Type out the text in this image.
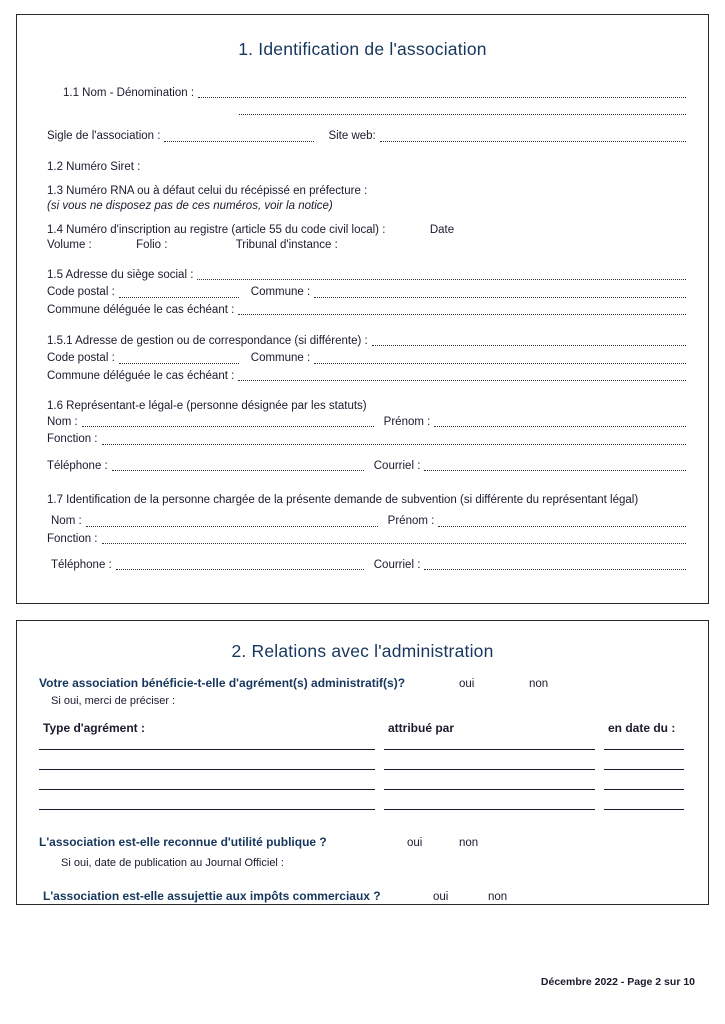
1. Identification de l'association
1.1 Nom - Dénomination :
Sigle de l'association :	Site web:
1.2 Numéro Siret :
1.3 Numéro RNA ou à défaut celui du récépissé en préfecture :
(si vous ne disposez pas de ces numéros, voir la notice)
1.4 Numéro d'inscription au registre (article 55 du code civil local) :	Date
Volume :	Folio :	Tribunal d'instance :
1.5 Adresse du siège social :
Code postal :	Commune :
Commune déléguée le cas échéant :
1.5.1 Adresse de gestion ou de correspondance (si différente) :
Code postal :	Commune :
Commune déléguée le cas échéant :
1.6 Représentant-e légal-e (personne désignée par les statuts)
Nom :	Prénom :
Fonction :
Téléphone :	Courriel :
1.7 Identification de la personne chargée de la présente demande de subvention (si différente du représentant légal)
Nom :	Prénom :
Fonction :
Téléphone :	Courriel :
2. Relations avec l'administration
Votre association bénéficie-t-elle d'agrément(s) administratif(s)?	oui	non
Si oui, merci de préciser :
Type d'agrément :	attribué par	en date du :
L'association est-elle reconnue d'utilité publique ?	oui	non
Si oui, date de publication au Journal Officiel :
L'association est-elle assujettie aux impôts commerciaux ?	oui	non
Décembre 2022 - Page 2 sur 10
